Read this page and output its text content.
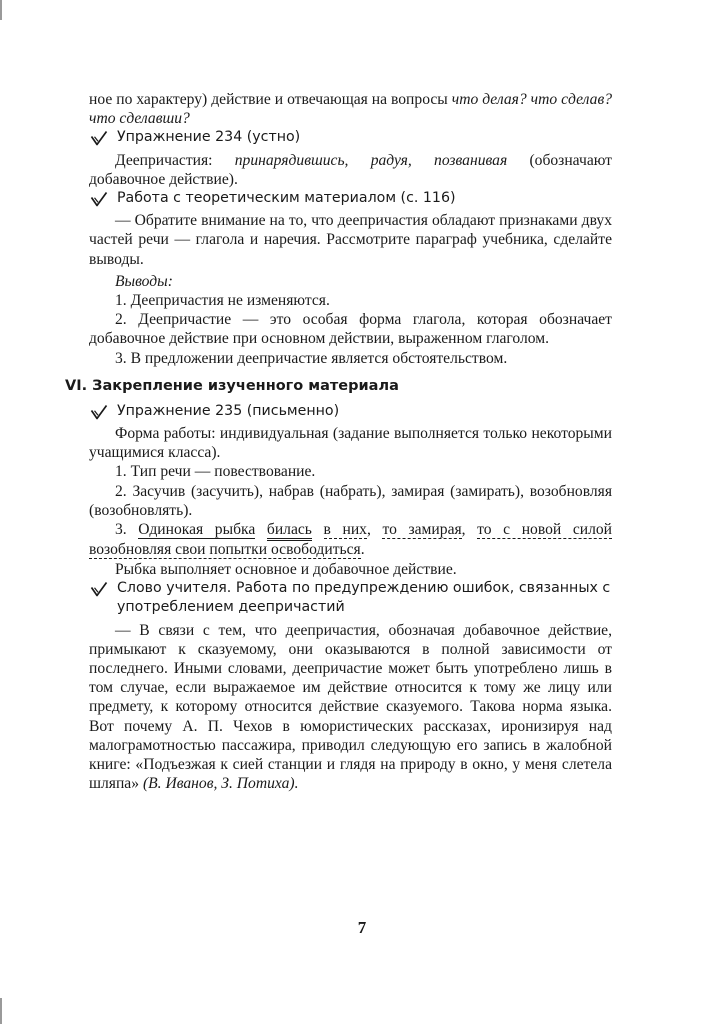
ное по характеру) действие и отвечающая на вопросы что делая? что сделав? что сделавши?

Упражнение 234 (устно)

Деепричастия: принарядившись, радуя, позванивая (обозначают добавочное действие).

Работа с теоретическим материалом (с. 116)

— Обратите внимание на то, что деепричастия обладают признаками двух частей речи — глагола и наречия. Рассмотрите параграф учебника, сделайте выводы.

Выводы:

1. Деепричастия не изменяются.

2. Деепричастие — это особая форма глагола, которая обозначает добавочное действие при основном действии, выраженном глаголом.

3. В предложении деепричастие является обстоятельством.

VI. Закрепление изученного материала
Упражнение 235 (письменно)

Форма работы: индивидуальная (задание выполняется только некоторыми учащимися класса).

1. Тип речи — повествование.

2. Засучив (засучить), набрав (набрать), замирая (замирать), возобновляя (возобновлять).

3. Одинокая рыбка билась в них, то замирая, то с новой силой возобновляя свои попытки освободиться.

Рыбка выполняет основное и добавочное действие.

Слово учителя. Работа по предупреждению ошибок, связанных с употреблением деепричастий

— В связи с тем, что деепричастия, обозначая добавочное действие, примыкают к сказуемому, они оказываются в полной зависимости от последнего. Иными словами, деепричастие может быть употреблено лишь в том случае, если выражаемое им действие относится к тому же лицу или предмету, к которому относится действие сказуемого. Такова норма языка. Вот почему А. П. Чехов в юмористических рассказах, иронизируя над малограмотностью пассажира, приводил следующую его запись в жалобной книге: «Подъезжая к сией станции и глядя на природу в окно, у меня слетела шляпа» (В. Иванов, З. Потиха).

7
